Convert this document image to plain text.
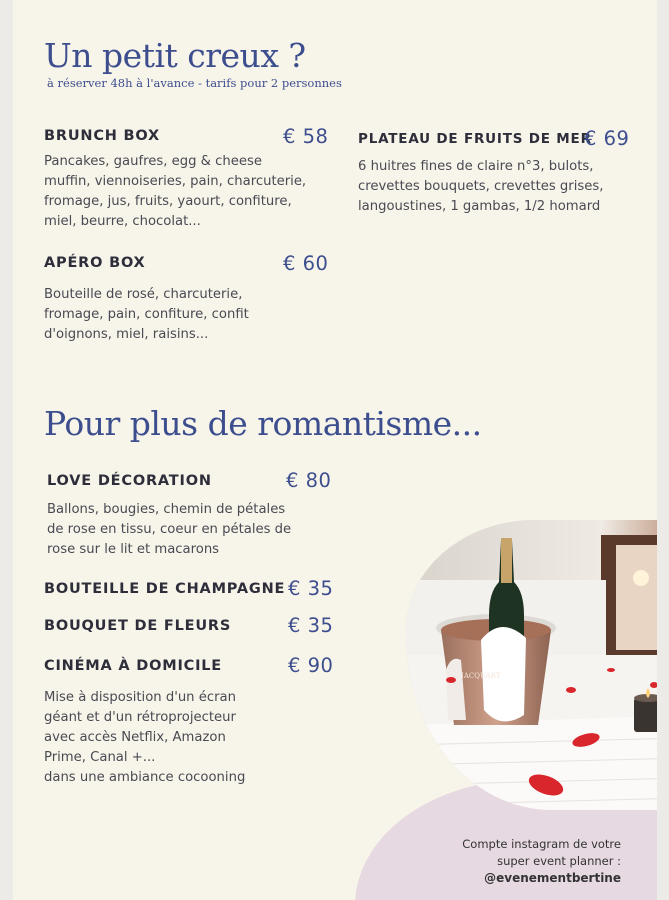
Un petit creux ?
à réserver 48h à l'avance - tarifs pour 2 personnes
BRUNCH BOX	€ 58
Pancakes, gaufres, egg & cheese
muffin, viennoiseries, pain, charcuterie,
fromage, jus, fruits, yaourt, confiture,
miel, beurre, chocolat...
APÉRO BOX	€ 60
Bouteille de rosé, charcuterie,
fromage, pain, confiture, confit
d'oignons, miel, raisins...
PLATEAU DE FRUITS DE MER
€ 69
6 huitres fines de claire n°3, bulots,
crevettes bouquets, crevettes grises,
langoustines, 1 gambas, 1/2 homard
Pour plus de romantisme...
LOVE DÉCORATION	€ 80
Ballons, bougies, chemin de pétales
de rose en tissu, coeur en pétales de
rose sur le lit et macarons
BOUTEILLE DE CHAMPAGNE € 35
BOUQUET DE FLEURS	€ 35
CINÉMA À DOMICILE	€ 90
Mise à disposition d'un écran
géant et d'un rétroprojecteur
avec accès Netflix, Amazon
Prime, Canal +...
dans une ambiance cocooning
JACQUART
Compte instagram de votre
super event planner :
@evenementbertine
